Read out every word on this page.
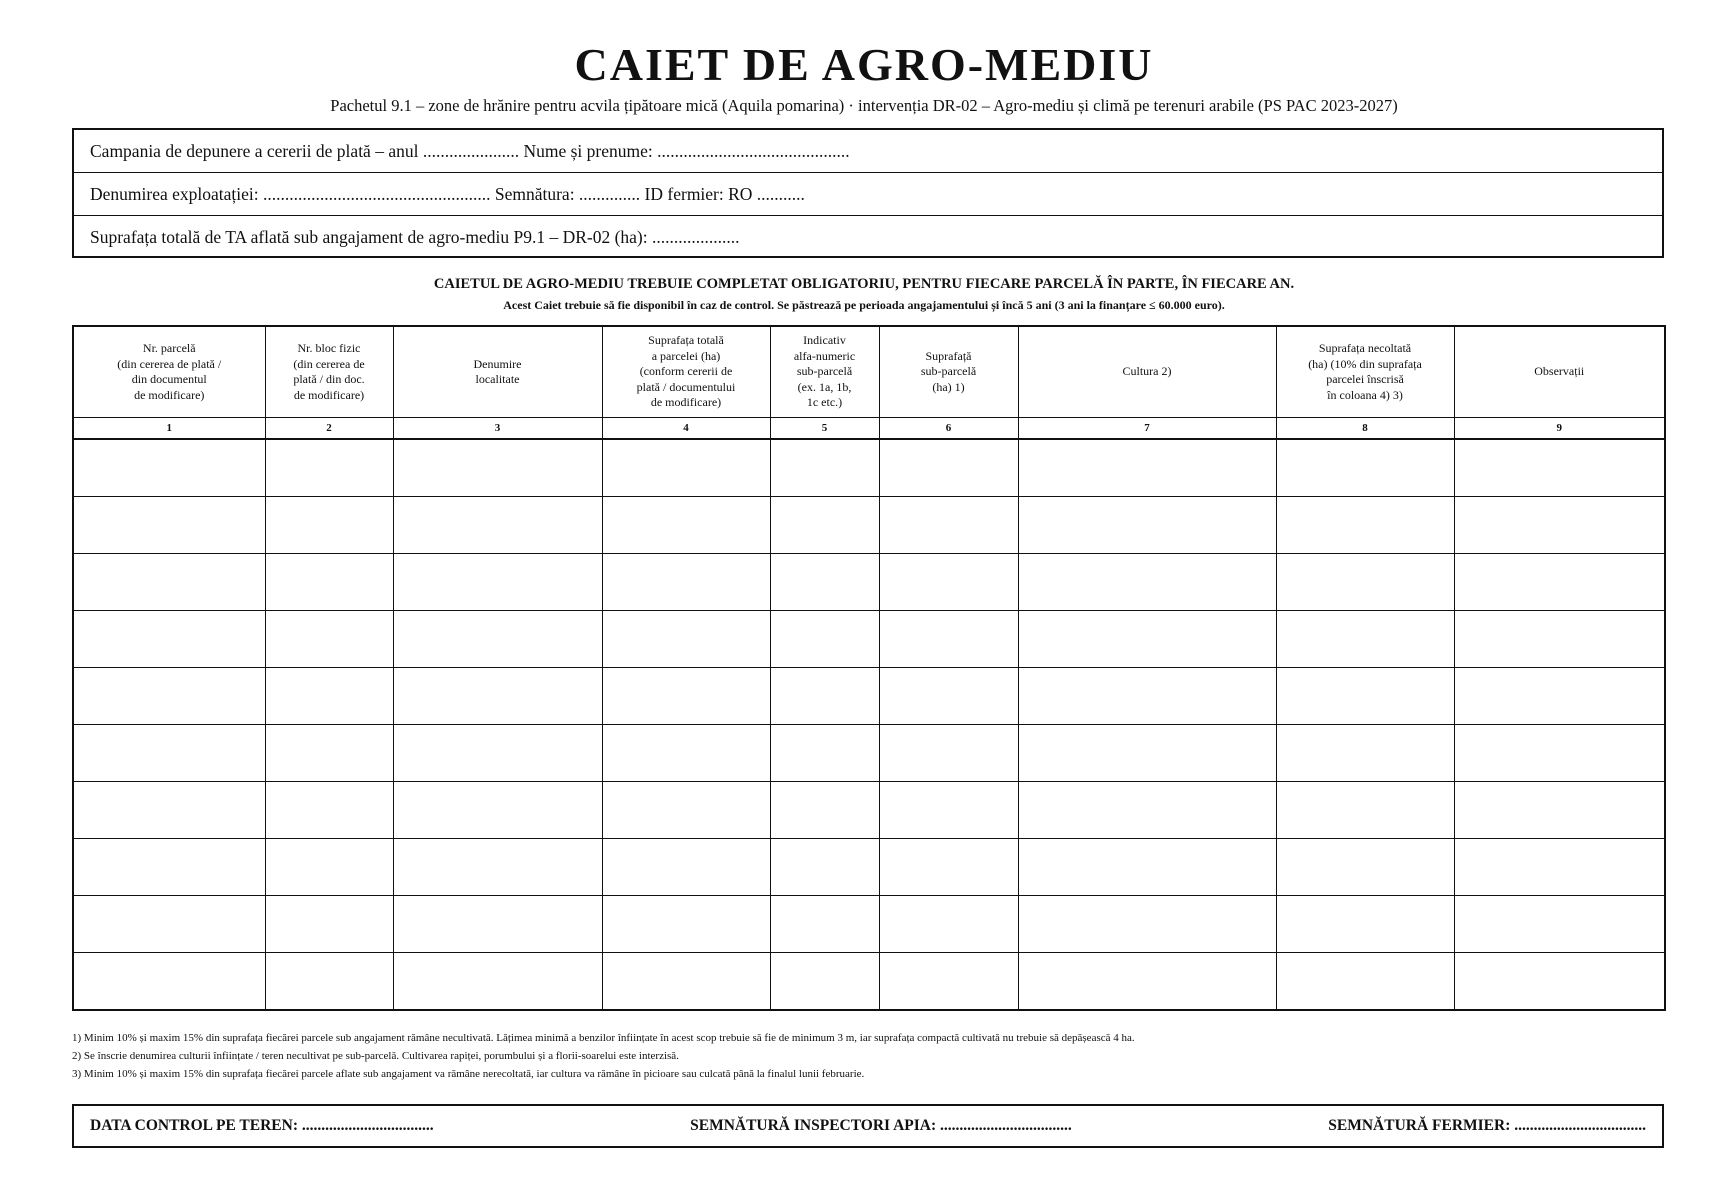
CAIET DE AGRO-MEDIU
Pachetul 9.1 – zone de hrănire pentru acvila țipătoare mică (Aquila pomarina) · intervenția DR-02 – Agro-mediu și climă pe terenuri arabile (PS PAC 2023-2027)
Campania de depunere a cererii de plată – anul ...................... Nume și prenume: ............................................
Denumirea exploatației: .................................................... Semnătura: .............. ID fermier: RO ...........
Suprafața totală de TA aflată sub angajament de agro-mediu P9.1 – DR-02 (ha): ....................
CAIETUL DE AGRO-MEDIU TREBUIE COMPLETAT OBLIGATORIU, PENTRU FIECARE PARCELĂ ÎN PARTE, ÎN FIECARE AN.
Acest Caiet trebuie să fie disponibil în caz de control. Se păstrează pe perioada angajamentului și încă 5 ani (3 ani la finanțare ≤ 60.000 euro).
Nr. parcelă
(din cererea de plată /
din documentul
de modificare)	Nr. bloc fizic
(din cererea de
plată / din doc.
de modificare)	Denumire
localitate	Suprafața totală
a parcelei (ha)
(conform cererii de
plată / documentului
de modificare)	Indicativ
alfa-numeric
sub-parcelă
(ex. 1a, 1b,
1c etc.)	Suprafață
sub-parcelă
(ha) 1)	Cultura 2)	Suprafața necoltată
(ha) (10% din suprafața
parcelei înscrisă
în coloana 4) 3)	Observații
1	2	3	4	5	6	7	8	9

1) Minim 10% și maxim 15% din suprafața fiecărei parcele sub angajament rămâne necultivată. Lățimea minimă a benzilor înființate în acest scop trebuie să fie de minimum 3 m, iar suprafața compactă cultivată nu trebuie să depășească 4 ha.
2) Se înscrie denumirea culturii înființate / teren necultivat pe sub-parcelă. Cultivarea rapiței, porumbului și a florii-soarelui este interzisă.
3) Minim 10% și maxim 15% din suprafața fiecărei parcele aflate sub angajament va rămâne nerecoltată, iar cultura va rămâne în picioare sau culcată până la finalul lunii februarie.
DATA CONTROL PE TEREN: ..................................	SEMNĂTURĂ INSPECTORI APIA: ..................................	SEMNĂTURĂ FERMIER: ..................................
